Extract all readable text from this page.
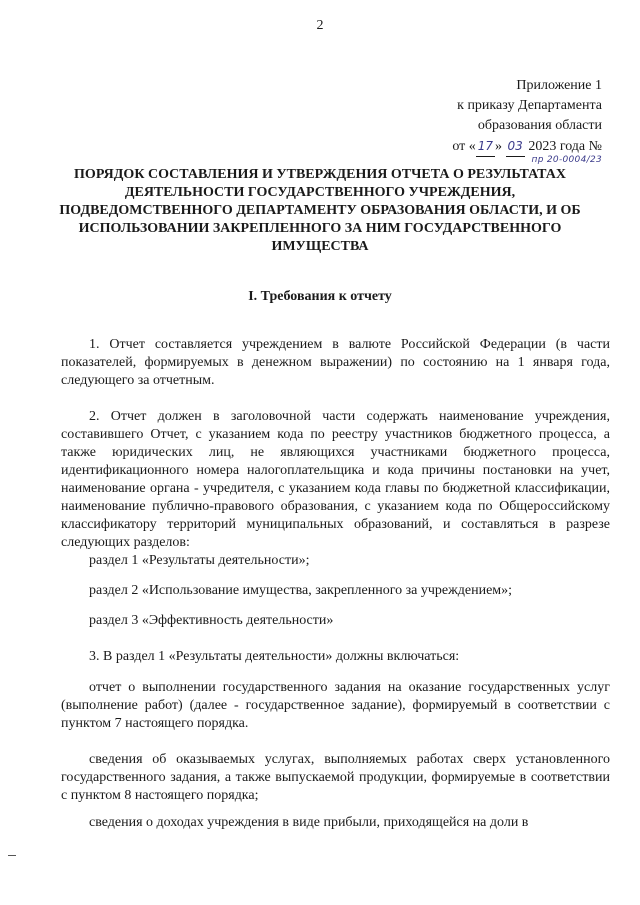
2
Приложение 1
к приказу Департамента
образования области
от « 17 » 03 2023 года №
пр 20-0004/23
ПОРЯДОК СОСТАВЛЕНИЯ И УТВЕРЖДЕНИЯ ОТЧЕТА О РЕЗУЛЬТАТАХ ДЕЯТЕЛЬНОСТИ ГОСУДАРСТВЕННОГО УЧРЕЖДЕНИЯ, ПОДВЕДОМСТВЕННОГО ДЕПАРТАМЕНТУ ОБРАЗОВАНИЯ ОБЛАСТИ, И ОБ ИСПОЛЬЗОВАНИИ ЗАКРЕПЛЕННОГО ЗА НИМ ГОСУДАРСТВЕННОГО ИМУЩЕСТВА
I. Требования к отчету

1. Отчет составляется учреждением в валюте Российской Федерации (в части показателей, формируемых в денежном выражении) по состоянию на 1 января года, следующего за отчетным.

2. Отчет должен в заголовочной части содержать наименование учреждения, составившего Отчет, с указанием кода по реестру участников бюджетного процесса, а также юридических лиц, не являющихся участниками бюджетного процесса, идентификационного номера налогоплательщика и кода причины постановки на учет, наименование органа - учредителя, с указанием кода главы по бюджетной классификации, наименование публично-правового образования, с указанием кода по Общероссийскому классификатору территорий муниципальных образований, и составляться в разрезе следующих разделов:

раздел 1 «Результаты деятельности»;

раздел 2 «Использование имущества, закрепленного за учреждением»;

раздел 3 «Эффективность деятельности»

3. В раздел 1 «Результаты деятельности» должны включаться:

отчет о выполнении государственного задания на оказание государственных услуг (выполнение работ) (далее - государственное задание), формируемый в соответствии с пунктом 7 настоящего порядка.

сведения об оказываемых услугах, выполняемых работах сверх установленного государственного задания, а также выпускаемой продукции, формируемые в соответствии с пунктом 8 настоящего порядка;

сведения о доходах учреждения в виде прибыли, приходящейся на доли в
